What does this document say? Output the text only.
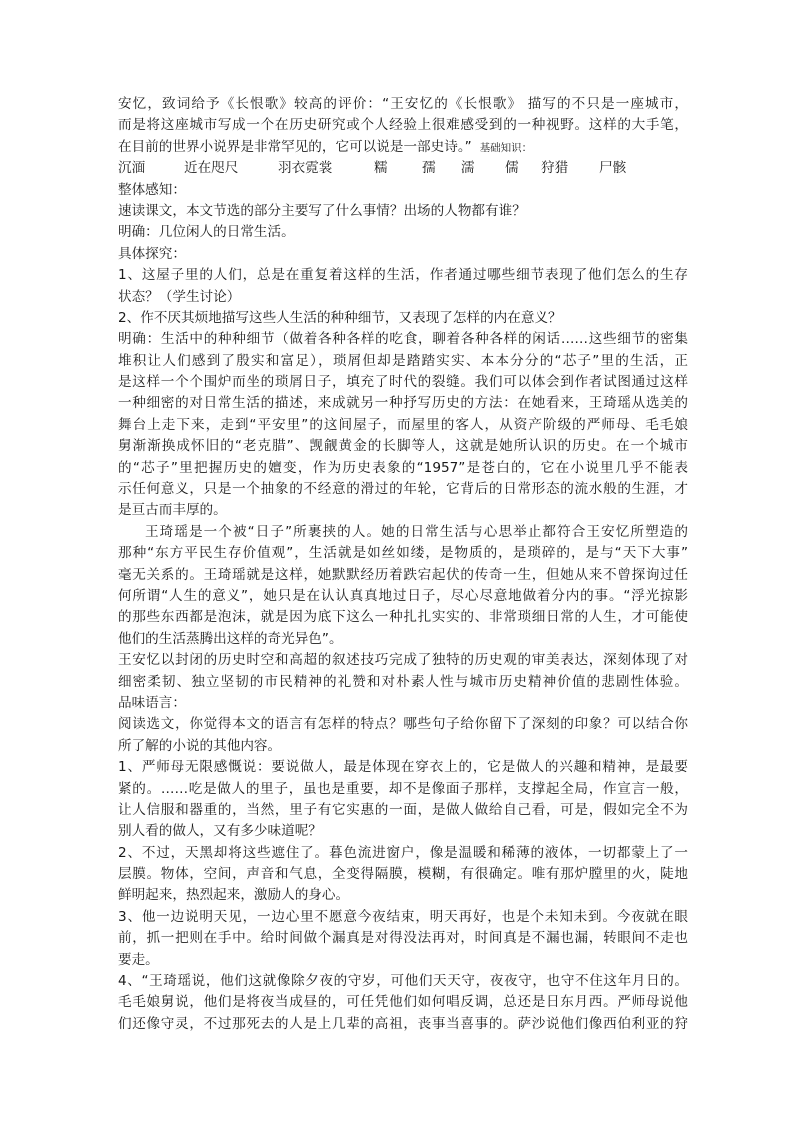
安忆，致词给予《长恨歌》较高的评价：“王安忆的《长恨歌》 描写的不只是一座城市，
而是将这座城市写成一个在历史研究或个人经验上很难感受到的一种视野。这样的大手笔，
在目前的世界小说界是非常罕见的，它可以说是一部史诗。” 基础知识：
沉湎	近在咫尺	羽衣霓裳	糯	孺	濡	儒	狩猎	尸骸
整体感知：
速读课文，本文节选的部分主要写了什么事情？出场的人物都有谁？
明确：几位闲人的日常生活。
具体探究：
1、这屋子里的人们，总是在重复着这样的生活，作者通过哪些细节表现了他们怎么的生存
状态？（学生讨论）
2、作不厌其烦地描写这些人生活的种种细节，又表现了怎样的内在意义？
明确：生活中的种种细节（做着各种各样的吃食，聊着各种各样的闲话……这些细节的密集
堆积让人们感到了殷实和富足），琐屑但却是踏踏实实、本本分分的“芯子”里的生活，正
是这样一个个围炉而坐的琐屑日子，填充了时代的裂缝。我们可以体会到作者试图通过这样
一种细密的对日常生活的描述，来成就另一种抒写历史的方法：在她看来，王琦瑶从选美的
舞台上走下来，走到“平安里”的这间屋子，而屋里的客人，从资产阶级的严师母、毛毛娘
舅渐渐换成怀旧的“老克腊”、觊觎黄金的长脚等人，这就是她所认识的历史。在一个城市
的“芯子”里把握历史的嬗变，作为历史表象的“1957”是苍白的，它在小说里几乎不能表
示任何意义，只是一个抽象的不经意的滑过的年轮，它背后的日常形态的流水般的生涯，才
是亘古而丰厚的。
王琦瑶是一个被“日子”所裹挟的人。她的日常生活与心思举止都符合王安忆所塑造的
那种“东方平民生存价值观”，生活就是如丝如缕，是物质的，是琐碎的，是与“天下大事”
毫无关系的。王琦瑶就是这样，她默默经历着跌宕起伏的传奇一生，但她从来不曾探询过任
何所谓“人生的意义”，她只是在认认真真地过日子，尽心尽意地做着分内的事。“浮光掠影
的那些东西都是泡沫，就是因为底下这么一种扎扎实实的、非常琐细日常的人生，才可能使
他们的生活蒸腾出这样的奇光异色”。
王安忆以封闭的历史时空和高超的叙述技巧完成了独特的历史观的审美表达，深刻体现了对
细密柔韧、独立坚韧的市民精神的礼赞和对朴素人性与城市历史精神价值的悲剧性体验。
品味语言：
阅读选文，你觉得本文的语言有怎样的特点？哪些句子给你留下了深刻的印象？可以结合你
所了解的小说的其他内容。
1、严师母无限感慨说：要说做人，最是体现在穿衣上的，它是做人的兴趣和精神，是最要
紧的。……吃是做人的里子，虽也是重要，却不是像面子那样，支撑起全局，作宣言一般，
让人信服和器重的，当然，里子有它实惠的一面，是做人做给自己看，可是，假如完全不为
别人看的做人，又有多少味道呢？
2、不过，天黑却将这些遮住了。暮色流进窗户，像是温暖和稀薄的液体，一切都蒙上了一
层膜。物体，空间，声音和气息，全变得隔膜，模糊，有很确定。唯有那炉膛里的火，陡地
鲜明起来，热烈起来，激励人的身心。
3、他一边说明天见，一边心里不愿意今夜结束，明天再好，也是个未知未到。今夜就在眼
前，抓一把则在手中。给时间做个漏真是对得没法再对，时间真是不漏也漏，转眼间不走也
要走。
4、“王琦瑶说，他们这就像除夕夜的守岁，可他们天天守，夜夜守，也守不住这年月日的。
毛毛娘舅说，他们是将夜当成昼的，可任凭他们如何唱反调，总还是日东月西。严师母说他
们还像守灵，不过那死去的人是上几辈的高祖，丧事当喜事的。萨沙说他们像西伯利亚的狩
